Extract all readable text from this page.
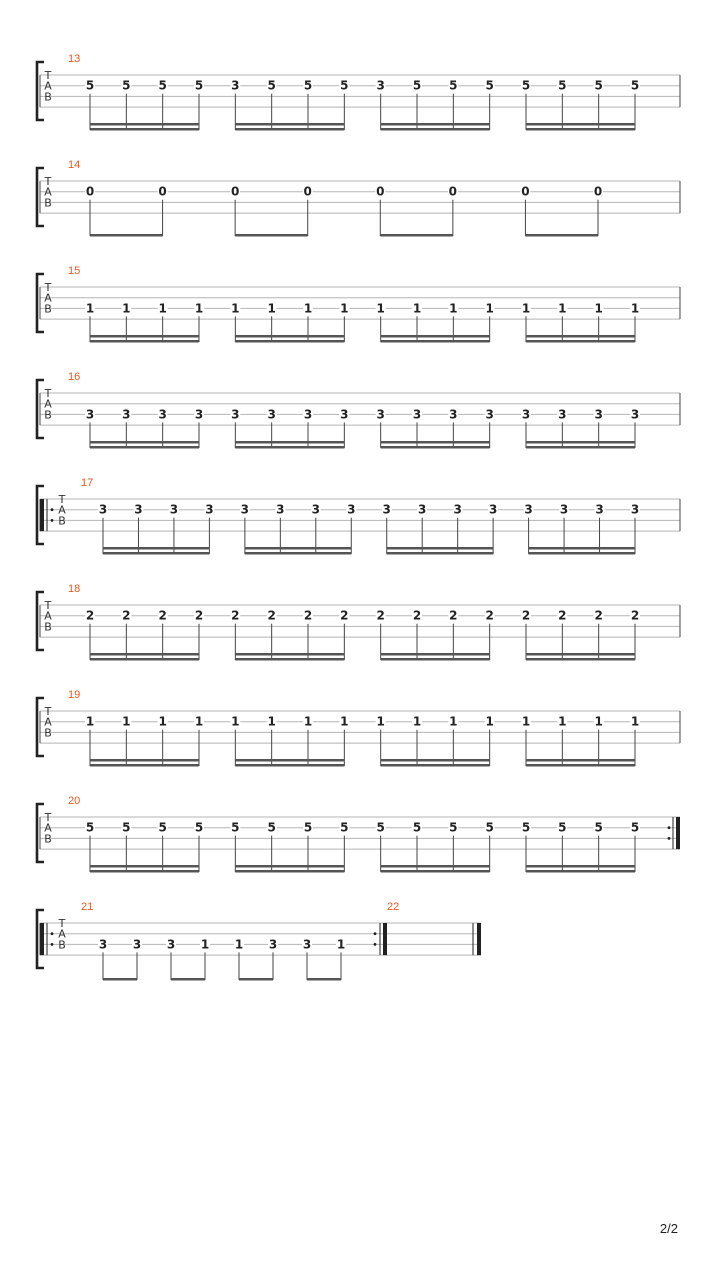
T
A
B
13
5 5 5 5 3 5 5 5 3 5 5 5 5 5 5 5
T
A
B
14
0	0	0	0	0	0	0	0
T
A
B
15
1 1 1 1 1 1 1 1 1 1 1 1 1 1 1 1
T
A
B
16
3 3 3 3 3 3 3 3 3 3 3 3 3 3 3 3
T
A
B
17
3 3 3 3 3 3 3 3 3 3 3 3 3 3 3 3
T
A
B
18
2 2 2 2 2 2 2 2 2 2 2 2 2 2 2 2
T
A
B
19
1 1 1 1 1 1 1 1 1 1 1 1 1 1 1 1
T
A
B
20
5 5 5 5 5 5 5 5 5 5 5 5 5 5 5 5
T
A
B
21
3 3 3 1 1 3 3 1
22
2/2
